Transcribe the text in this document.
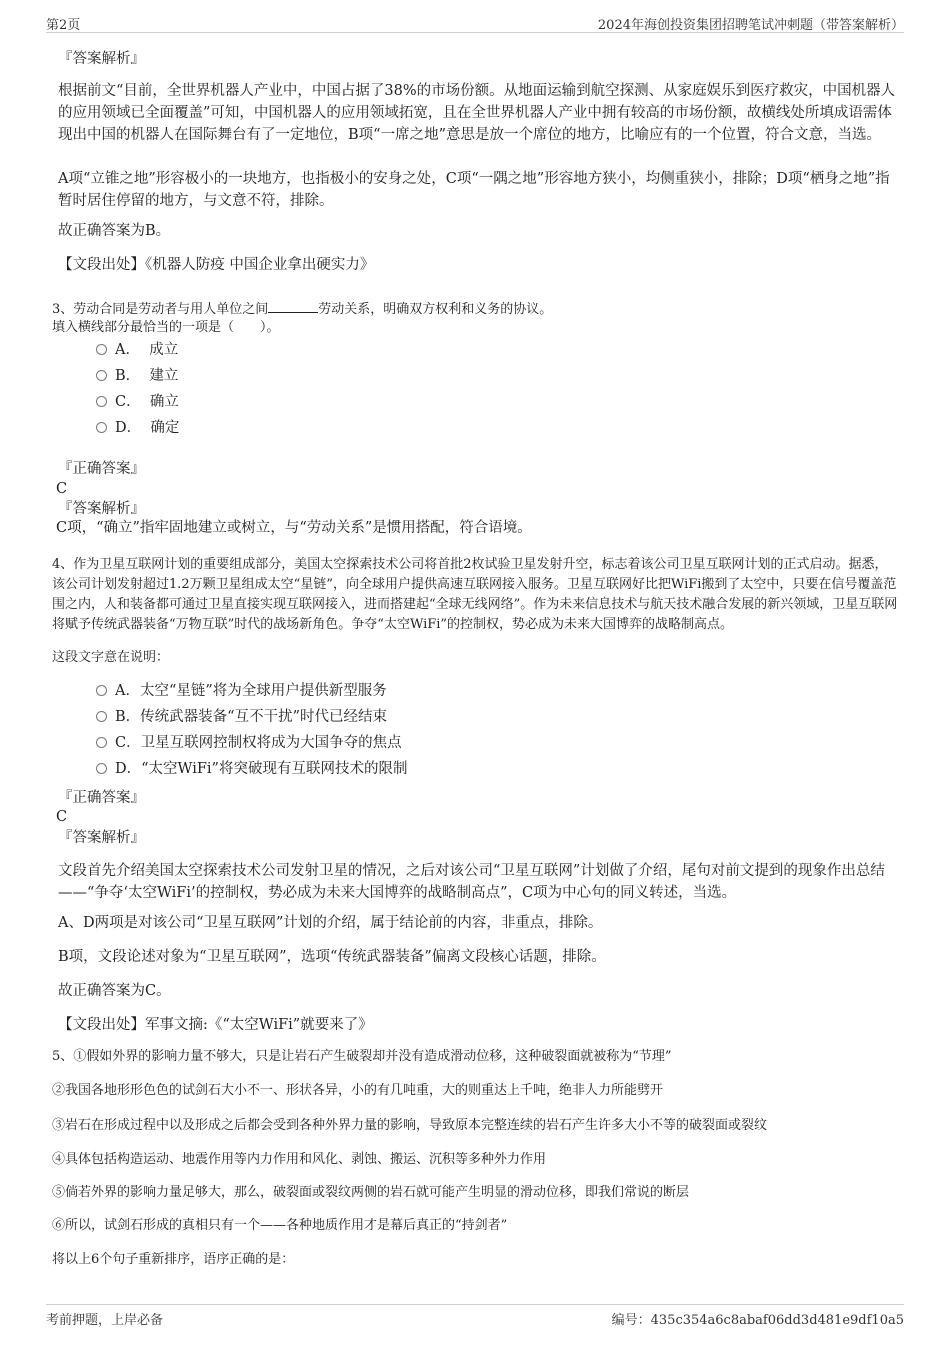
第2页	2024年海创投资集团招聘笔试冲刺题（带答案解析）
『答案解析』
根据前文“目前，全世界机器人产业中，中国占据了38%的市场份额。从地面运输到航空探测、从家庭娱乐到医疗救灾，中国机器人的应用领域已全面覆盖”可知，中国机器人的应用领域拓宽，且在全世界机器人产业中拥有较高的市场份额，故横线处所填成语需体现出中国的机器人在国际舞台有了一定地位，B项“一席之地”意思是放一个席位的地方，比喻应有的一个位置，符合文意，当选。
A项“立锥之地”形容极小的一块地方，也指极小的安身之处，C项“一隅之地”形容地方狭小，均侧重狭小，排除；D项“栖身之地”指暂时居住停留的地方，与文意不符，排除。
故正确答案为B。
【文段出处】《机器人防疫 中国企业拿出硬实力》
3、劳动合同是劳动者与用人单位之间	劳动关系，明确双方权利和义务的协议。
填入横线部分最恰当的一项是（　　）。
A． 成立
B． 建立
C． 确立
D． 确定
『正确答案』
C
『答案解析』
C项，“确立”指牢固地建立或树立，与“劳动关系”是惯用搭配，符合语境。
4、作为卫星互联网计划的重要组成部分，美国太空探索技术公司将首批2枚试验卫星发射升空，标志着该公司卫星互联网计划的正式启动。据悉，该公司计划发射超过1.2万颗卫星组成太空“星链”，向全球用户提供高速互联网接入服务。卫星互联网好比把WiFi搬到了太空中，只要在信号覆盖范围之内，人和装备都可通过卫星直接实现互联网接入，进而搭建起“全球无线网络”。作为未来信息技术与航天技术融合发展的新兴领域，卫星互联网将赋予传统武器装备“万物互联”时代的战场新角色。争夺“太空WiFi”的控制权，势必成为未来大国博弈的战略制高点。
这段文字意在说明：
A．太空“星链”将为全球用户提供新型服务
B．传统武器装备“互不干扰”时代已经结束
C．卫星互联网控制权将成为大国争夺的焦点
D．“太空WiFi”将突破现有互联网技术的限制
『正确答案』
C
『答案解析』
文段首先介绍美国太空探索技术公司发射卫星的情况，之后对该公司“卫星互联网”计划做了介绍，尾句对前文提到的现象作出总结——“争夺‘太空WiFi’的控制权，势必成为未来大国博弈的战略制高点”，C项为中心句的同义转述，当选。
A、D两项是对该公司“卫星互联网”计划的介绍，属于结论前的内容，非重点，排除。
B项，文段论述对象为“卫星互联网”，选项“传统武器装备”偏离文段核心话题，排除。
故正确答案为C。
【文段出处】军事文摘:《“太空WiFi”就要来了》
5、①假如外界的影响力量不够大，只是让岩石产生破裂却并没有造成滑动位移，这种破裂面就被称为“节理”
②我国各地形形色色的试剑石大小不一、形状各异，小的有几吨重，大的则重达上千吨，绝非人力所能劈开
③岩石在形成过程中以及形成之后都会受到各种外界力量的影响，导致原本完整连续的岩石产生许多大小不等的破裂面或裂纹
④具体包括构造运动、地震作用等内力作用和风化、剥蚀、搬运、沉积等多种外力作用
⑤倘若外界的影响力量足够大，那么，破裂面或裂纹两侧的岩石就可能产生明显的滑动位移，即我们常说的断层
⑥所以，试剑石形成的真相只有一个——各种地质作用才是幕后真正的“持剑者”
将以上6个句子重新排序，语序正确的是：
考前押题，上岸必备	编号：435c354a6c8abaf06dd3d481e9df10a5
